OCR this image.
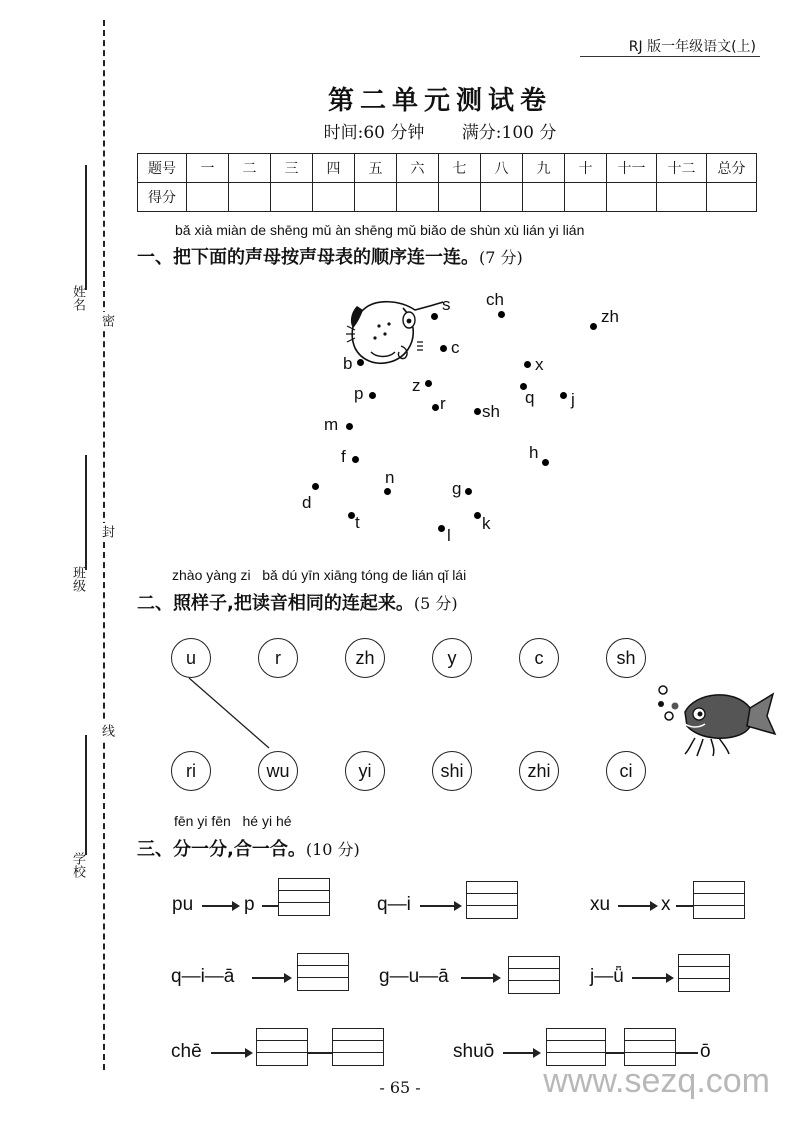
姓名
密
班级
封
线
学校
RJ 版一年级语文(上)
第二单元测试卷
时间:60 分钟 满分:100 分
题号	一	二	三	四	五	六	七	八	九	十	十一	十二	总分
得分													
bǎ xià miàn de shēng mǔ àn shēng mǔ biǎo de shùn xù lián yi lián
一、把下面的声母按声母表的顺序连一连。(7 分)
s ch
zh
c
b	x
z
p	q j
r sh
m
f	h
n
d
g
t	k
l
zhào yàng zi   bǎ dú yīn xiāng tóng de lián qǐ lái
二、照样子,把读音相同的连起来。(5 分)
u	r	zh	y	c	sh
ri	wu	yi	shi	zhi	ci
fēn yi fēn   hé yi hé
三、分一分,合一合。(10 分)
pu	p	q—i	xu	x
q—i—ā	g—u—ā	j—ǖ
chē	shuō	ō
- 65 -	www.sezq.com
